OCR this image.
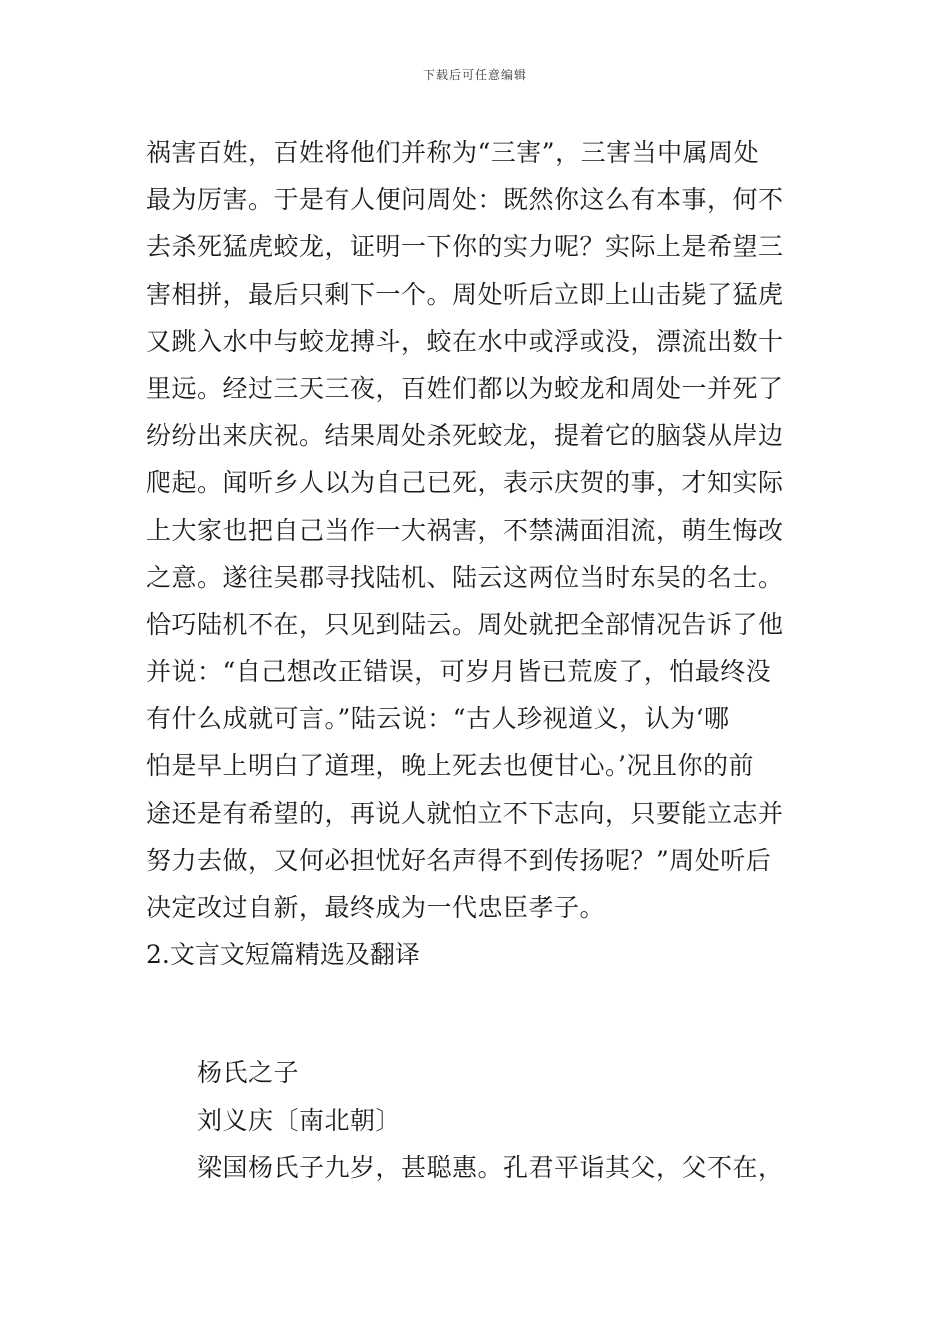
下载后可任意编辑
祸害百姓，百姓将他们并称为“三害”，三害当中属周处
最为厉害。于是有人便问周处：既然你这么有本事，何不
去杀死猛虎蛟龙，证明一下你的实力呢？实际上是希望三
害相拼，最后只剩下一个。周处听后立即上山击毙了猛虎
又跳入水中与蛟龙搏斗，蛟在水中或浮或没，漂流出数十
里远。经过三天三夜，百姓们都以为蛟龙和周处一并死了
纷纷出来庆祝。结果周处杀死蛟龙，提着它的脑袋从岸边
爬起。闻听乡人以为自己已死，表示庆贺的事，才知实际
上大家也把自己当作一大祸害，不禁满面泪流，萌生悔改
之意。遂往吴郡寻找陆机、陆云这两位当时东吴的名士。
恰巧陆机不在，只见到陆云。周处就把全部情况告诉了他
并说：“自己想改正错误，可岁月皆已荒废了，怕最终没
有什么成就可言。”陆云说：“古人珍视道义，认为‘哪
怕是早上明白了道理，晚上死去也便甘心。’况且你的前
途还是有希望的，再说人就怕立不下志向，只要能立志并
努力去做，又何必担忧好名声得不到传扬呢？”周处听后
决定改过自新，最终成为一代忠臣孝子。
2.文言文短篇精选及翻译
杨氏之子
刘义庆〔南北朝〕
梁国杨氏子九岁，甚聪惠。孔君平诣其父，父不在，
